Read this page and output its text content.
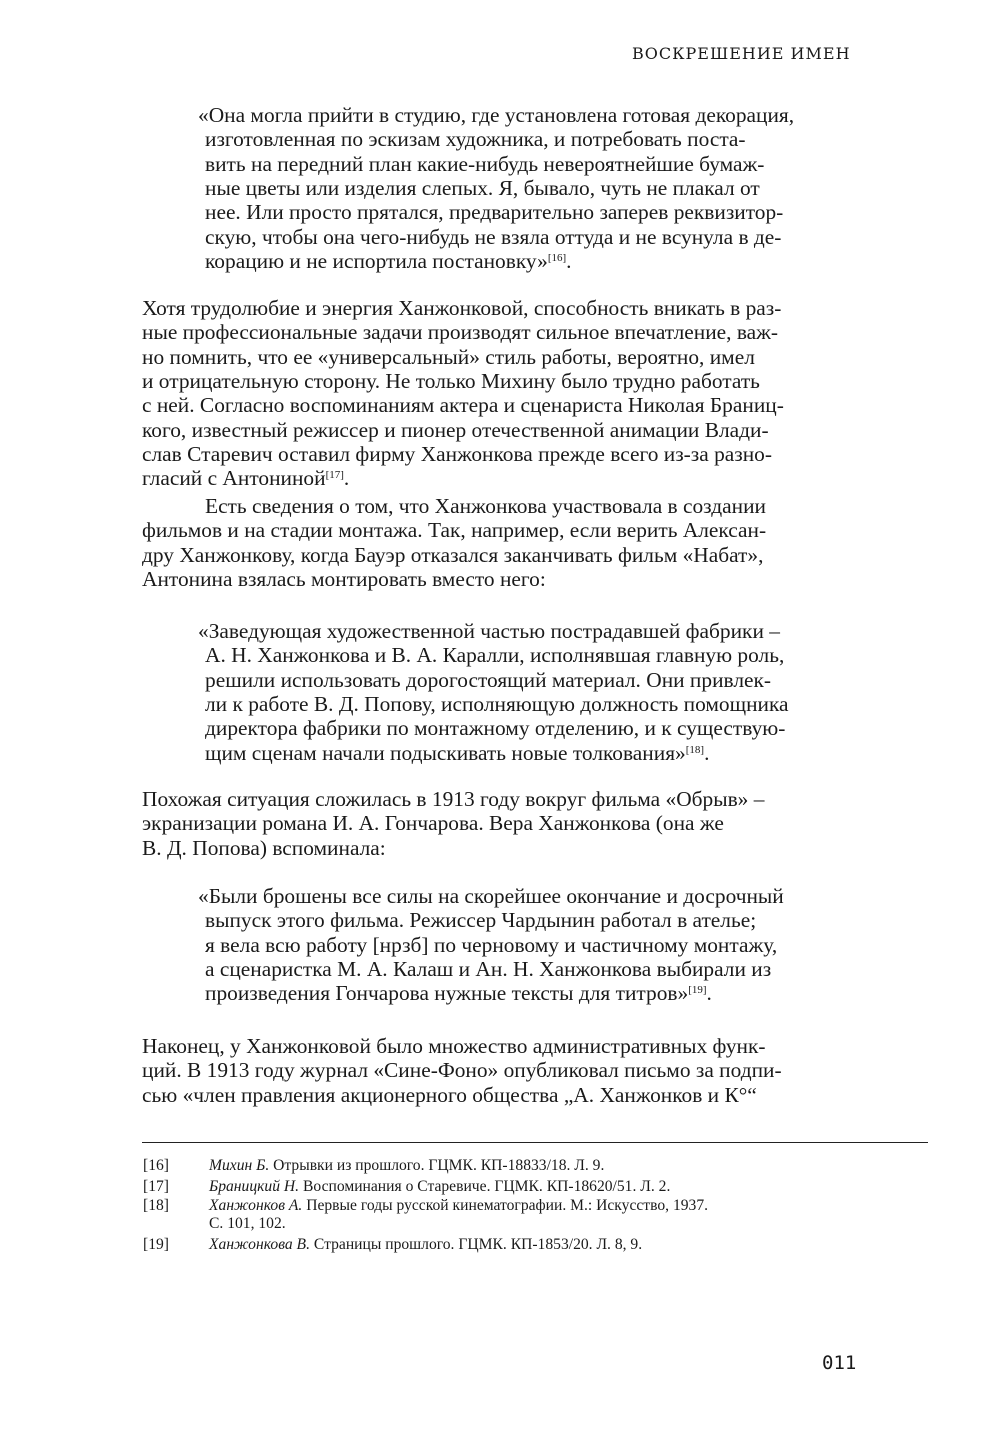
ВОСКРЕШЕНИЕ ИМЕН
«Она могла прийти в студию, где установлена готовая декорация,
изготовленная по эскизам художника, и потребовать поста-
вить на передний план какие-нибудь невероятнейшие бумаж-
ные цветы или изделия слепых. Я, бывало, чуть не плакал от
нее. Или просто прятался, предварительно заперев реквизитор-
скую, чтобы она чего-нибудь не взяла оттуда и не всунула в де-
корацию и не испортила постановку»[16].
Хотя трудолюбие и энергия Ханжонковой, способность вникать в раз-
ные профессиональные задачи производят сильное впечатление, важ-
но помнить, что ее «универсальный» стиль работы, вероятно, имел
и отрицательную сторону. Не только Михину было трудно работать
с ней. Согласно воспоминаниям актера и сценариста Николая Браниц-
кого, известный режиссер и пионер отечественной анимации Влади-
слав Старевич оставил фирму Ханжонкова прежде всего из-за разно-
гласий с Антониной[17].
Есть сведения о том, что Ханжонкова участвовала в создании
фильмов и на стадии монтажа. Так, например, если верить Алексан-
дру Ханжонкову, когда Бауэр отказался заканчивать фильм «Набат»,
Антонина взялась монтировать вместо него:
«Заведующая художественной частью пострадавшей фабрики –
А. Н. Ханжонкова и В. А. Каралли, исполнявшая главную роль,
решили использовать дорогостоящий материал. Они привлек-
ли к работе В. Д. Попову, исполняющую должность помощника
директора фабрики по монтажному отделению, и к существую-
щим сценам начали подыскивать новые толкования»[18].
Похожая ситуация сложилась в 1913 году вокруг фильма «Обрыв» –
экранизации романа И. А. Гончарова. Вера Ханжонкова (она же
В. Д. Попова) вспоминала:
«Были брошены все силы на скорейшее окончание и досрочный
выпуск этого фильма. Режиссер Чардынин работал в ателье;
я вела всю работу [нрзб] по черновому и частичному монтажу,
а сценаристка М. А. Калаш и Ан. Н. Ханжонкова выбирали из
произведения Гончарова нужные тексты для титров»[19].
Наконец, у Ханжонковой было множество административных функ-
ций. В 1913 году журнал «Сине-Фоно» опубликовал письмо за подпи-
сью «член правления акционерного общества „А. Ханжонков и К°“
[16]	Михин Б. Отрывки из прошлого. ГЦМК. КП-18833/18. Л. 9.
[17]	Браницкий Н. Воспоминания о Старевиче. ГЦМК. КП-18620/51. Л. 2.
[18]	Ханжонков А. Первые годы русской кинематографии. М.: Искусство, 1937.
С. 101, 102.
[19]	Ханжонкова В. Страницы прошлого. ГЦМК. КП-1853/20. Л. 8, 9.
011
